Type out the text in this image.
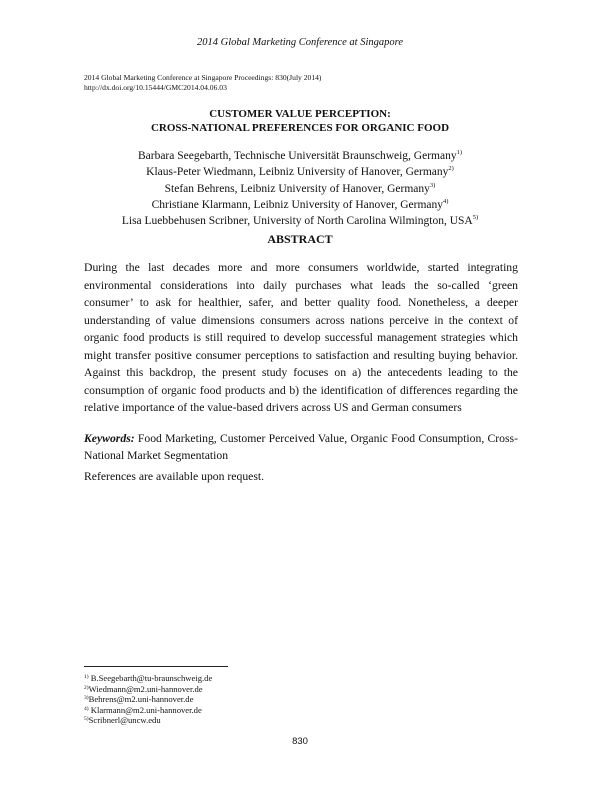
2014 Global Marketing Conference at Singapore
2014 Global Marketing Conference at Singapore Proceedings: 830(July 2014)
http://dx.doi.org/10.15444/GMC2014.04.06.03
CUSTOMER VALUE PERCEPTION:
CROSS-NATIONAL PREFERENCES FOR ORGANIC FOOD
Barbara Seegebarth, Technische Universität Braunschweig, Germany$^{1)}$
Klaus-Peter Wiedmann, Leibniz University of Hanover, Germany$^{2)}$
Stefan Behrens, Leibniz University of Hanover, Germany$^{3)}$
Christiane Klarmann, Leibniz University of Hanover, Germany$^{4)}$
Lisa Luebbehusen Scribner, University of North Carolina Wilmington, USA$^{5)}$
ABSTRACT
During the last decades more and more consumers worldwide, started integrating environmental considerations into daily purchases what leads the so-called ‘green consumer’ to ask for healthier, safer, and better quality food. Nonetheless, a deeper understanding of value dimensions consumers across nations perceive in the context of organic food products is still required to develop successful management strategies which might transfer positive consumer perceptions to satisfaction and resulting buying behavior. Against this backdrop, the present study focuses on a) the antecedents leading to the consumption of organic food products and b) the identification of differences regarding the relative importance of the value-based drivers across US and German consumers
Keywords: Food Marketing, Customer Perceived Value, Organic Food Consumption, Cross-National Market Segmentation
References are available upon request.
$^{1)}$ B.Seegebarth@tu-braunschweig.de
$^{2)}$Wiedmann@m2.uni-hannover.de
$^{3)}$Behrens@m2.uni-hannover.de
$^{4)}$ Klarmann@m2.uni-hannover.de
$^{5)}$Scribnerl@uncw.edu
830
